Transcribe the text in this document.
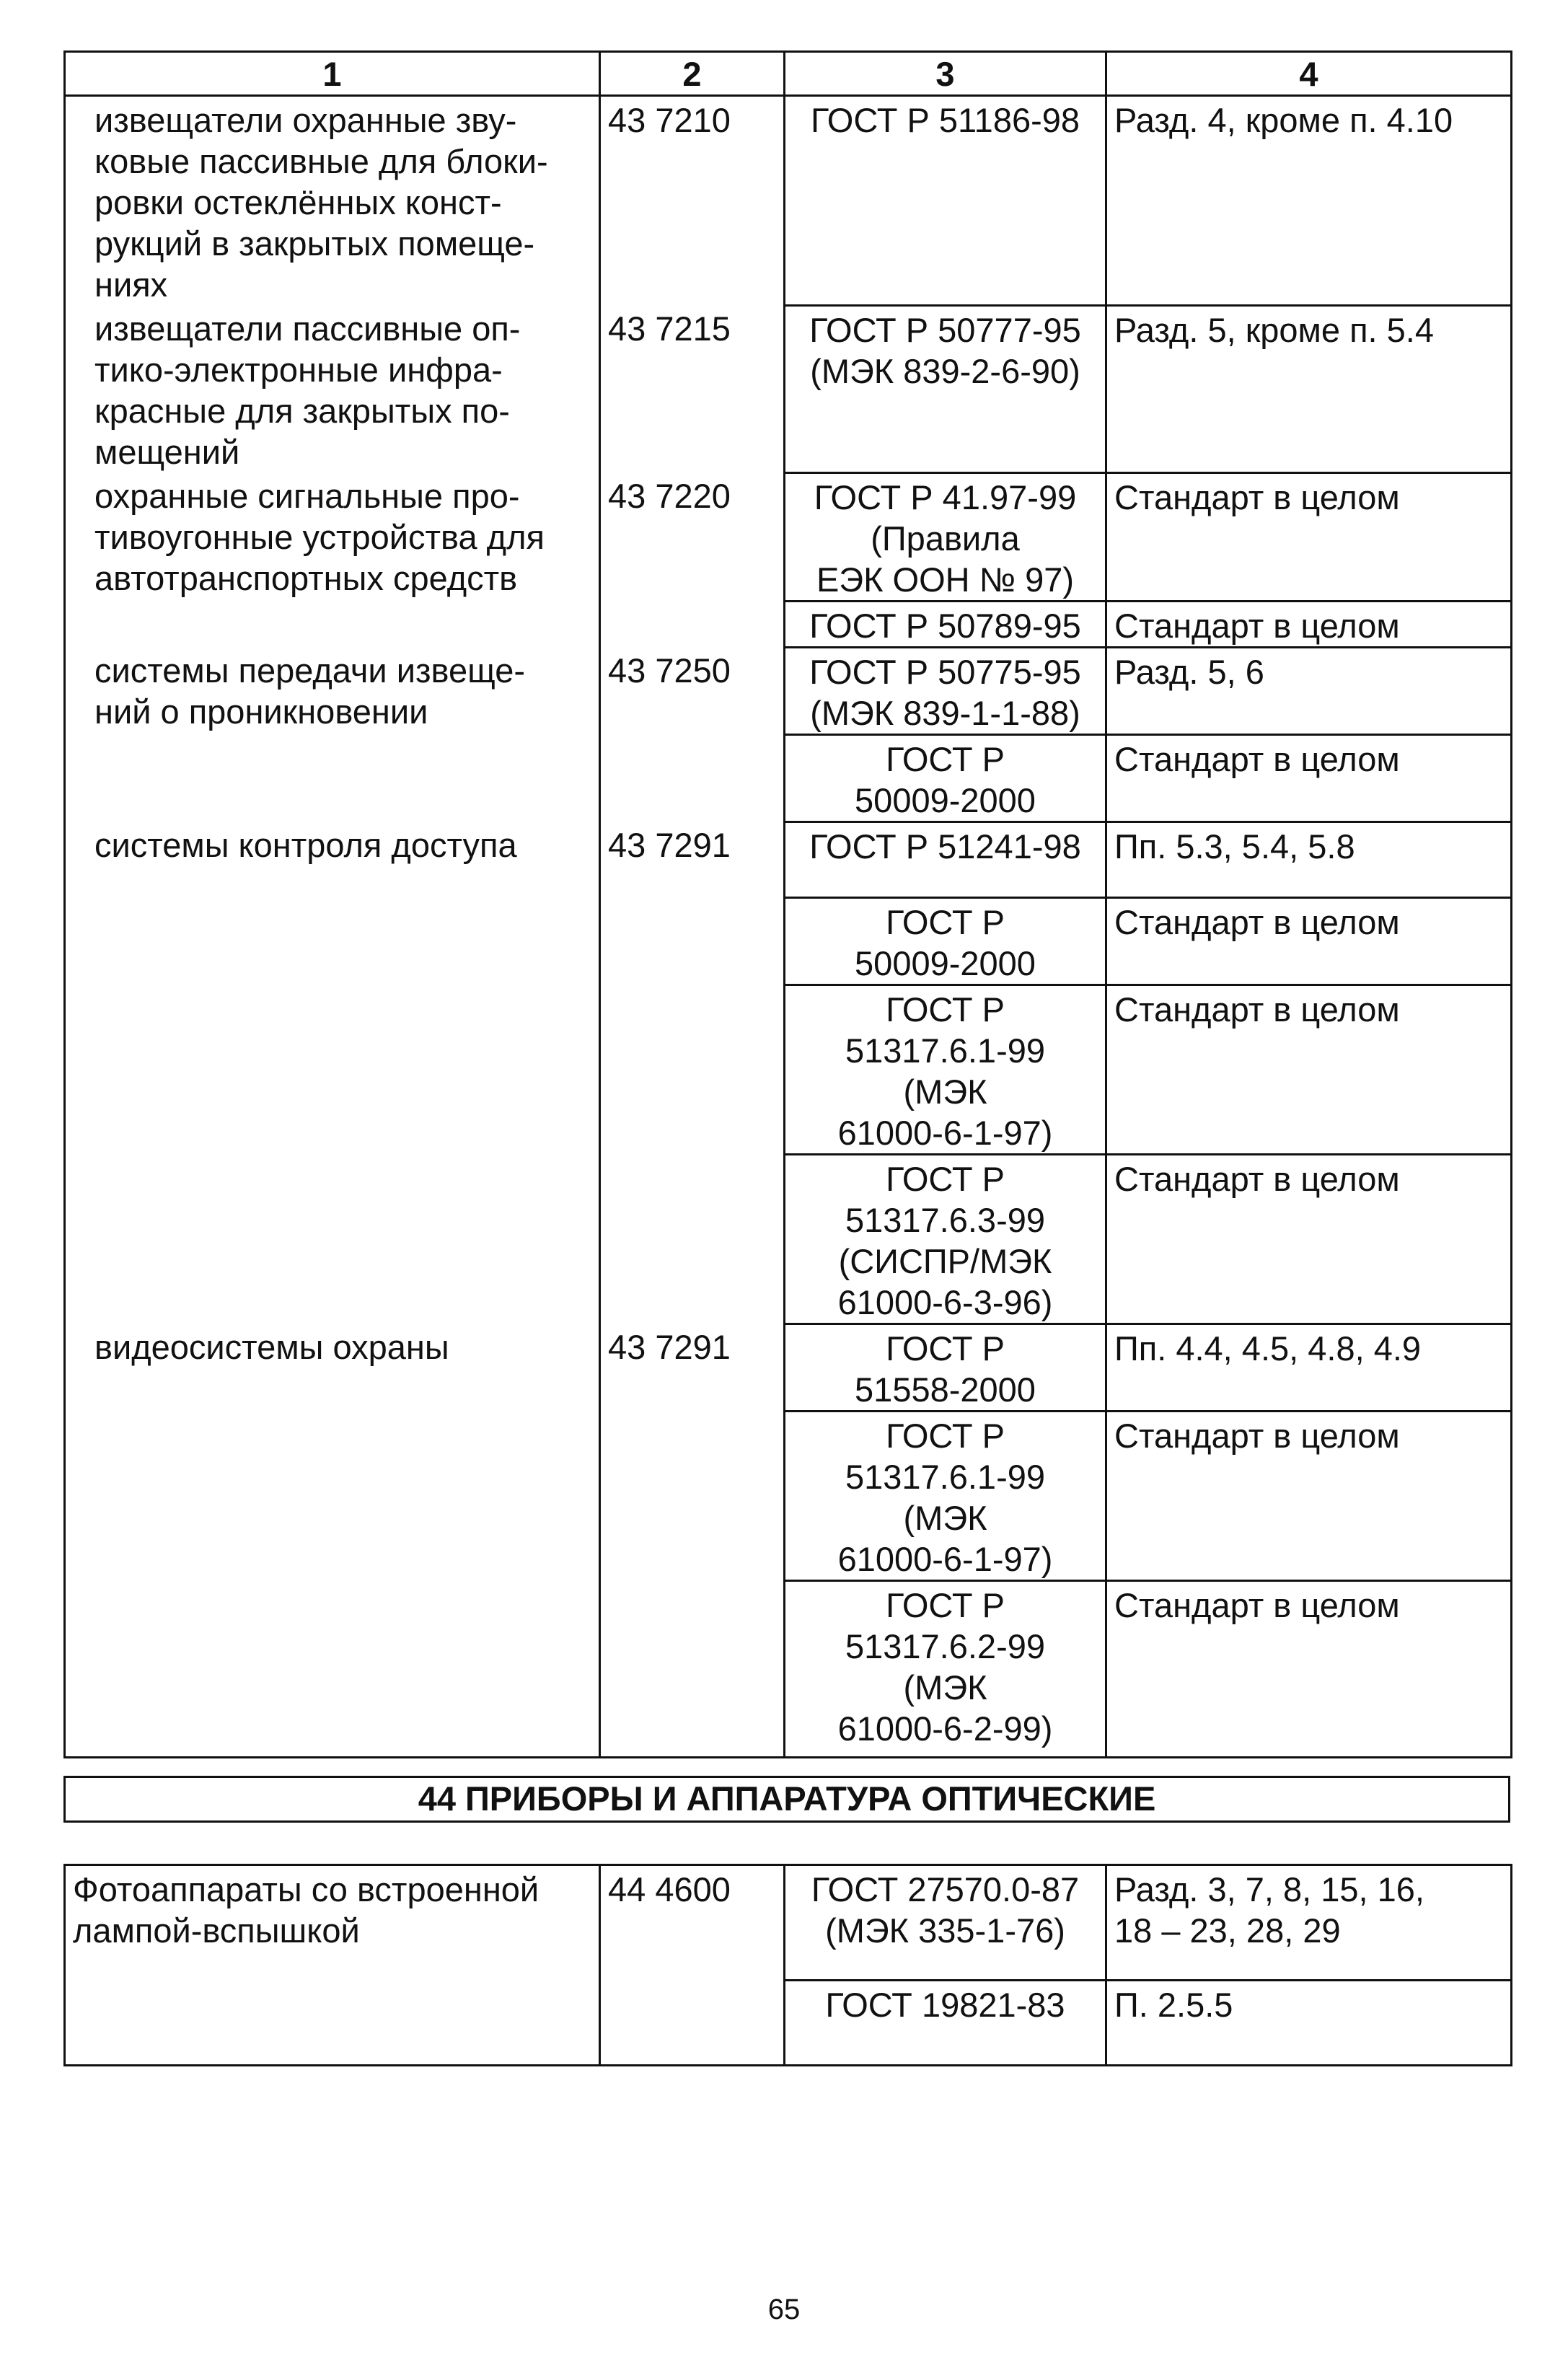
1	2	3	4
извещатели охранные зву-
ковые пассивные для блоки-
ровки остеклённых конст-
рукций в закрытых помеще-
ниях	43 7210	ГОСТ Р 51186-98	Разд. 4, кроме п. 4.10
извещатели пассивные оп-
тико-электронные инфра-
красные для закрытых по-
мещений	43 7215	ГОСТ Р 50777-95
(МЭК 839-2-6-90)	Разд. 5, кроме п. 5.4
охранные сигнальные про-
тивоугонные устройства для
автотранспортных средств	43 7220	ГОСТ Р 41.97-99
(Правила
ЕЭК ООН № 97)	Стандарт в целом
		ГОСТ Р 50789-95	Стандарт в целом
системы передачи извеще-
ний о проникновении	43 7250	ГОСТ Р 50775-95
(МЭК 839-1-1-88)	Разд. 5, 6
		ГОСТ Р
50009-2000	Стандарт в целом
системы контроля доступа	43 7291	ГОСТ Р 51241-98	Пп. 5.3, 5.4, 5.8
		ГОСТ Р
50009-2000	Стандарт в целом
		ГОСТ Р
51317.6.1-99
(МЭК
61000-6-1-97)	Стандарт в целом
		ГОСТ Р
51317.6.3-99
(СИСПР/МЭК
61000-6-3-96)	Стандарт в целом
видеосистемы охраны	43 7291	ГОСТ Р
51558-2000	Пп. 4.4, 4.5, 4.8, 4.9
		ГОСТ Р
51317.6.1-99
(МЭК
61000-6-1-97)	Стандарт в целом
		ГОСТ Р
51317.6.2-99
(МЭК
61000-6-2-99)	Стандарт в целом
44 ПРИБОРЫ И АППАРАТУРА ОПТИЧЕСКИЕ
Фотоаппараты со встроенной
лампой-вспышкой	44 4600	ГОСТ 27570.0-87
(МЭК 335-1-76)	Разд. 3, 7, 8, 15, 16,
18 – 23, 28, 29
		ГОСТ 19821-83	П. 2.5.5
65
